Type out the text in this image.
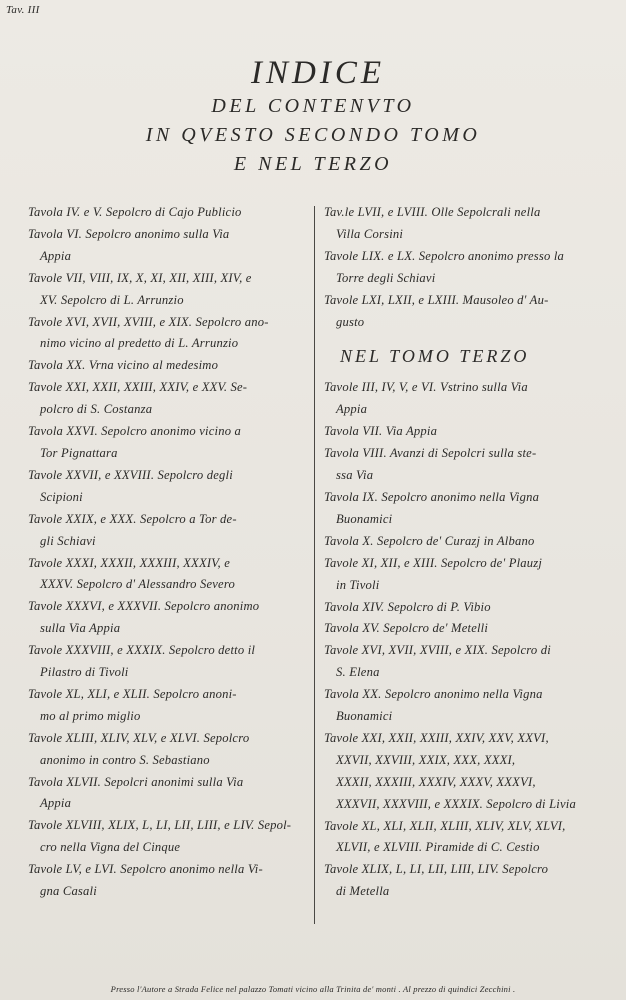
Tav. III
INDICE
DEL CONTENVTO
IN QVESTO SECONDO TOMO
E NEL TERZO
Tavola IV. e V. Sepolcro di Cajo Publicio
Tavola VI. Sepolcro anonimo sulla Via
Appia
Tavole VII, VIII, IX, X, XI, XII, XIII, XIV, e
XV. Sepolcro di L. Arrunzio
Tavole XVI, XVII, XVIII, e XIX. Sepolcro ano-
nimo vicino al predetto di L. Arrunzio
Tavola XX. Vrna vicino al medesimo
Tavole XXI, XXII, XXIII, XXIV, e XXV. Se-
polcro di S. Costanza
Tavola XXVI. Sepolcro anonimo vicino a
Tor Pignattara
Tavole XXVII, e XXVIII. Sepolcro degli
Scipioni
Tavole XXIX, e XXX. Sepolcro a Tor de-
gli Schiavi
Tavole XXXI, XXXII, XXXIII, XXXIV, e
XXXV. Sepolcro d' Alessandro Severo
Tavole XXXVI, e XXXVII. Sepolcro anonimo
sulla Via Appia
Tavole XXXVIII, e XXXIX. Sepolcro detto il
Pilastro di Tivoli
Tavole XL, XLI, e XLII. Sepolcro anoni-
mo al primo miglio
Tavole XLIII, XLIV, XLV, e XLVI. Sepolcro
anonimo in contro S. Sebastiano
Tavola XLVII. Sepolcri anonimi sulla Via
Appia
Tavole XLVIII, XLIX, L, LI, LII, LIII, e LIV. Sepol-
cro nella Vigna del Cinque
Tavole LV, e LVI. Sepolcro anonimo nella Vi-
gna Casali
Tav.le LVII, e LVIII. Olle Sepolcrali nella
Villa Corsini
Tavole LIX. e LX. Sepolcro anonimo presso la
Torre degli Schiavi
Tavole LXI, LXII, e LXIII. Mausoleo d' Au-
gusto
NEL TOMO TERZO
Tavole III, IV, V, e VI. Vstrino sulla Via
Appia
Tavola VII. Via Appia
Tavola VIII. Avanzi di Sepolcri sulla ste-
ssa Via
Tavola IX. Sepolcro anonimo nella Vigna
Buonamici
Tavola X. Sepolcro de' Curazj in Albano
Tavole XI, XII, e XIII. Sepolcro de' Plauzj
in Tivoli
Tavola XIV. Sepolcro di P. Vibio
Tavola XV. Sepolcro de' Metelli
Tavole XVI, XVII, XVIII, e XIX. Sepolcro di
S. Elena
Tavola XX. Sepolcro anonimo nella Vigna
Buonamici
Tavole XXI, XXII, XXIII, XXIV, XXV, XXVI,
XXVII, XXVIII, XXIX, XXX, XXXI,
XXXII, XXXIII, XXXIV, XXXV, XXXVI,
XXXVII, XXXVIII, e XXXIX. Sepolcro di Livia
Tavole XL, XLI, XLII, XLIII, XLIV, XLV, XLVI,
XLVII, e XLVIII. Piramide di C. Cestio
Tavole XLIX, L, LI, LII, LIII, LIV. Sepolcro
di Metella
Presso l'Autore a Strada Felice nel palazzo Tomati vicino alla Trinita de' monti . Al prezzo di quindici Zecchini .
